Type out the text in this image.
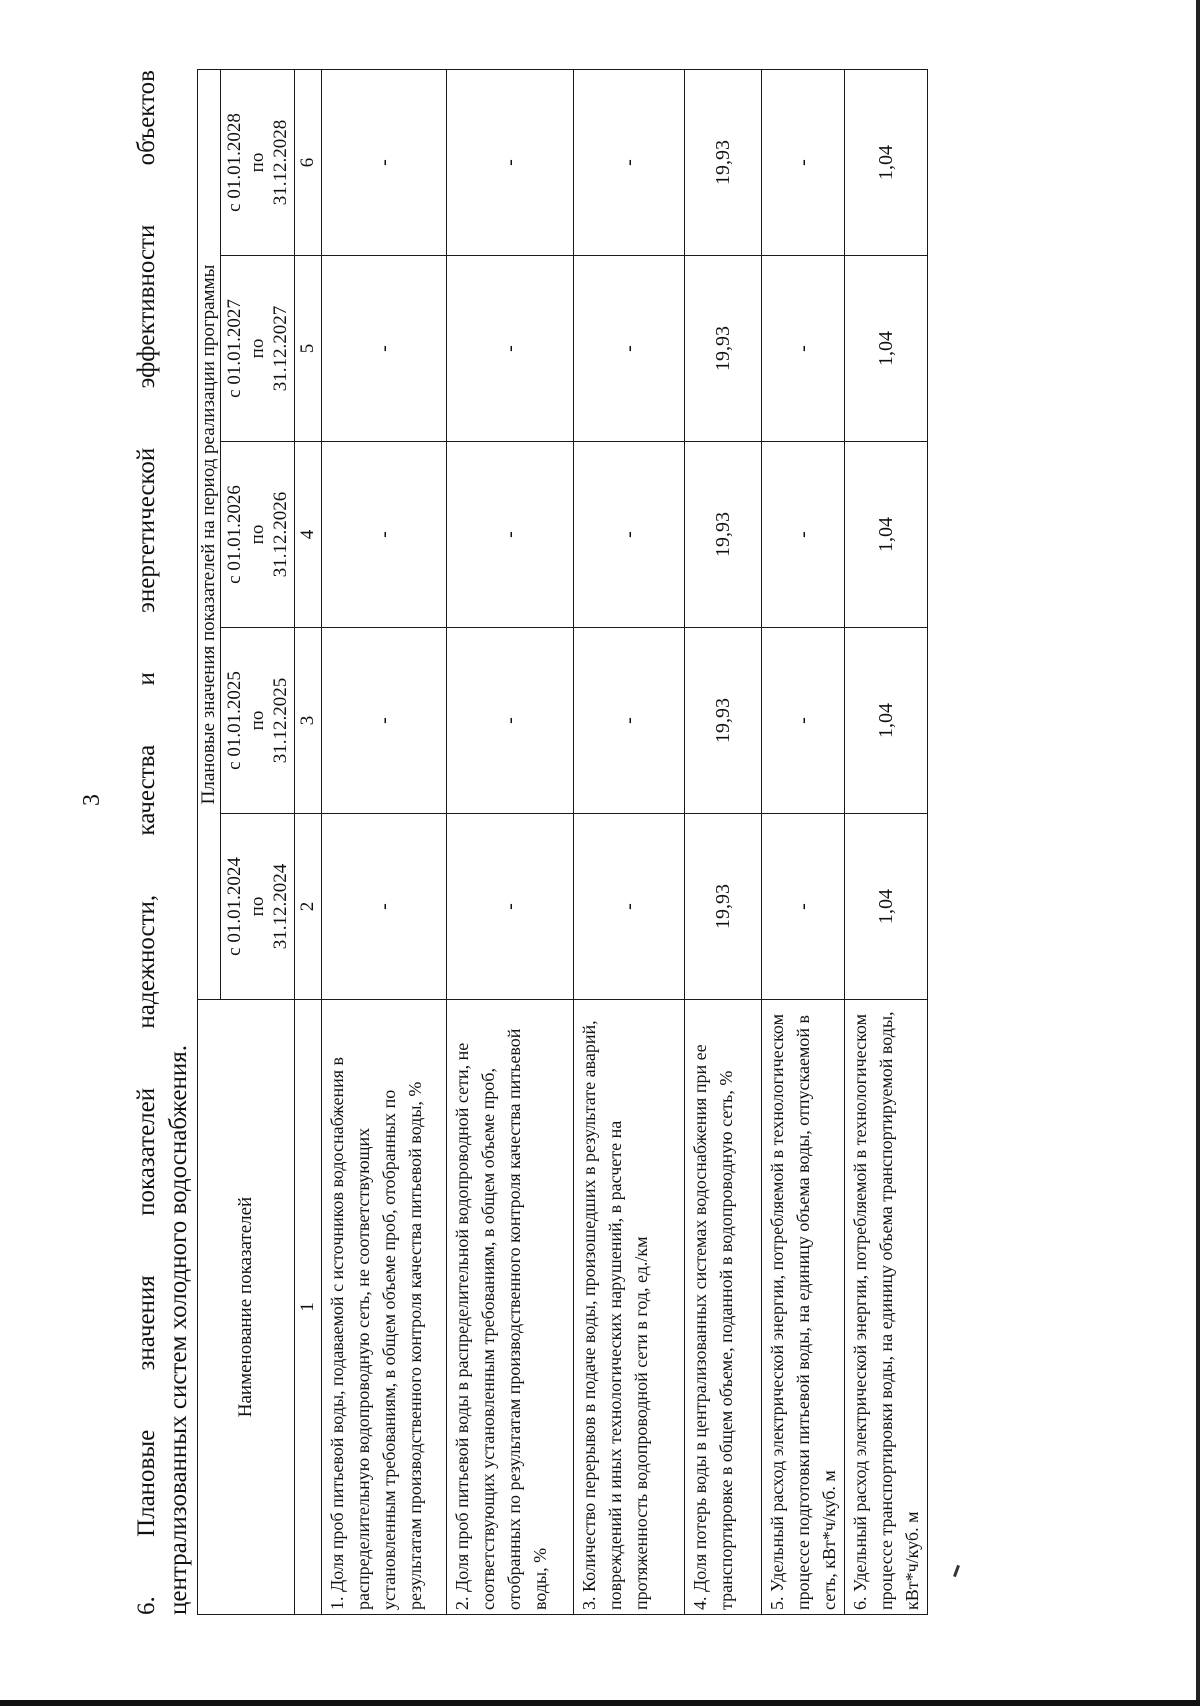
3 6. Плановые значения показателей надежности, качества и энергетической эффективности объектов централизованных систем холодного водоснабжения. Наименование показателей	Плановые значения показателей на период реализации программы				

	с 01.01.2024 по 31.12.2024	с 01.01.2025 по 31.12.2025	с 01.01.2026 по 31.12.2026	с 01.01.2027 по 31.12.2027	с 01.01.2028 по 31.12.2028

1	2	3	4	5	6
1. Доля проб питьевой воды, подаваемой с источников водоснабжения в распределительную водопроводную сеть, не соответствующих установленным требованиям, в общем объеме проб, отобранных по результатам производственного контроля качества питьевой воды, %	-	-	-	-	-
2. Доля проб питьевой воды в распределительной водопроводной сети, не соответствующих установленным требованиям, в общем объеме проб, отобранных по результатам производственного контроля качества питьевой воды, %	-	-	-	-	-
3. Количество перерывов в подаче воды, произошедших в результате аварий, повреждений и иных технологических нарушений, в расчете на протяженность водопроводной сети в год, ед./км	-	-	-	-	-
4. Доля потерь воды в централизованных системах водоснабжения при ее транспортировке в общем объеме, поданной в водопроводную сеть, %	19,93	19,93	19,93	19,93	19,93
5. Удельный расход электрической энергии, потребляемой в технологическом процессе подготовки питьевой воды, на единицу объема воды, отпускаемой в сеть, кВт*ч/куб. м	-	-	-	-	-
6. Удельный расход электрической энергии, потребляемой в технологическом процессе транспортировки воды, на единицу объема транспортируемой воды, кВт*ч/куб. м	1,04	1,04	1,04	1,04	1,04
